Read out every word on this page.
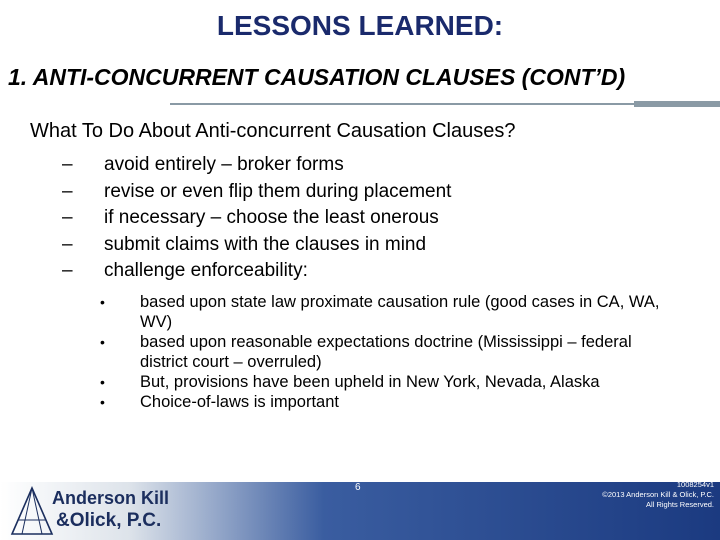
LESSONS LEARNED:
1. ANTI-CONCURRENT CAUSATION CLAUSES (CONT’D)
What To Do About Anti-concurrent Causation Clauses?
–	avoid entirely – broker forms
–	revise or even flip them during placement
–	if necessary – choose the least onerous
–	submit claims with the clauses in mind
–	challenge enforceability:
•	based upon state law proximate causation rule (good cases in CA, WA, WV)
•	based upon reasonable expectations doctrine (Mississippi – federal district court – overruled)
•	But, provisions have been upheld in New York, Nevada, Alaska
•	Choice-of-laws is important
Anderson Kill
&Olick, P.C.
6	1008254v1
©2013 Anderson Kill & Olick, P.C.
All Rights Reserved.
